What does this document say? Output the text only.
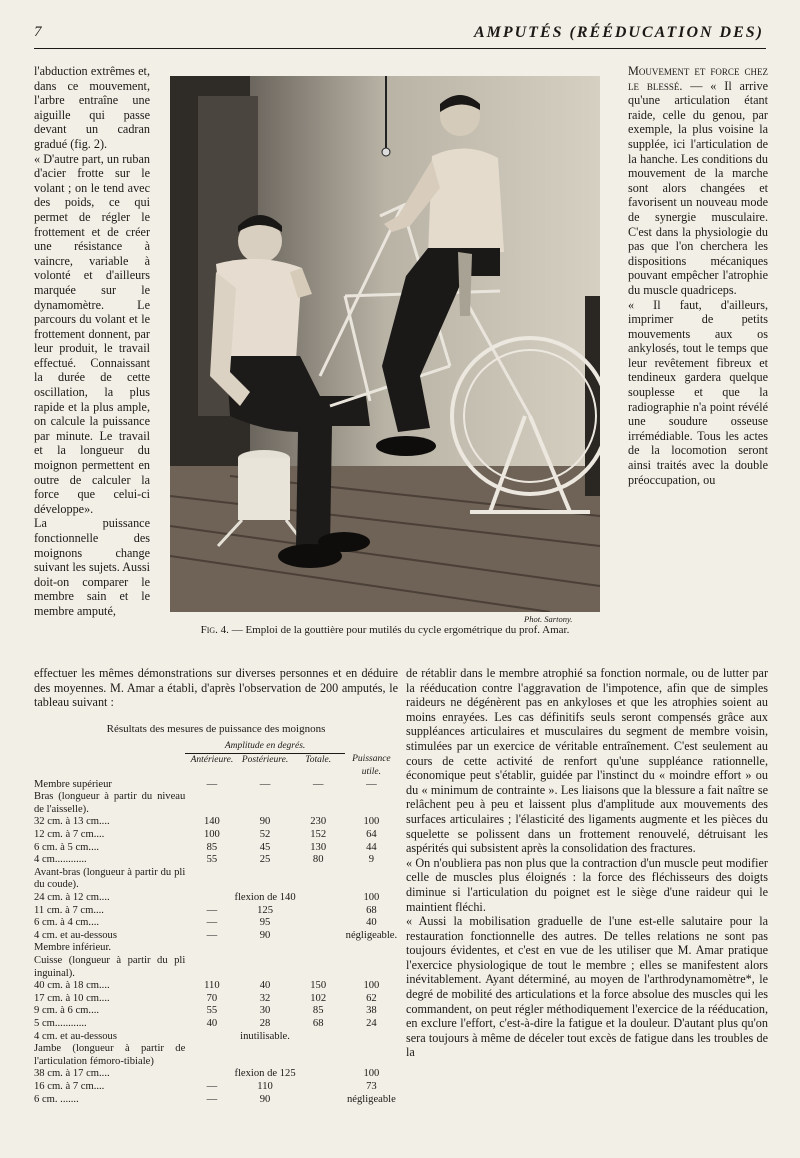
7	AMPUTÉS (RÉÉDUCATION DES)

l'abduction extrêmes et, dans ce mouvement, l'arbre entraîne une aiguille qui passe devant un cadran gradué (fig. 2).

« D'autre part, un ruban d'acier frotte sur le volant ; on le tend avec des poids, ce qui permet de régler le frottement et de créer une résistance à vaincre, variable à volonté et d'ailleurs marquée sur le dynamomètre. Le parcours du volant et le frottement donnent, par leur produit, le travail effectué. Connaissant la durée de cette oscillation, la plus rapide et la plus ample, on calcule la puissance par minute. Le travail et la longueur du moignon permettent en outre de calculer la force que celui-ci développe».

La puissance fonctionnelle des moignons change suivant les sujets. Aussi doit-on comparer le membre sain et le membre amputé,

Phot. Sartony.
Fig. 4. — Emploi de la gouttière pour mutilés du cycle ergométrique du prof. Amar.

Mouvement et force chez le blessé. — « Il arrive qu'une articulation étant raide, celle du genou, par exemple, la plus voisine la supplée, ici l'articulation de la hanche. Les conditions du mouvement de la marche sont alors changées et favorisent un nouveau mode de synergie musculaire. C'est dans la physiologie du pas que l'on cherchera les dispositions mécaniques pouvant empêcher l'atrophie du muscle quadriceps.

« Il faut, d'ailleurs, imprimer de petits mouvements aux os ankylosés, tout le temps que leur revêtement fibreux et tendineux gardera quelque souplesse et que la radiographie n'a point révélé une soudure osseuse irrémédiable. Tous les actes de la locomotion seront ainsi traités avec la double préoccupation, ou

effectuer les mêmes démonstrations sur diverses personnes et en déduire des moyennes. M. Amar a établi, d'après l'observation de 200 amputés, le tableau suivant :

Résultats des mesures de puissance des moignons
	Amplitude en degrés.			
	Antérieure.	Postérieure.	Totale.	Puissance utile.
Membre supérieur	—	—	—	—
Bras (longueur à partir du niveau de l'aisselle).				
32 cm. à 13 cm....	140	90	230	100
12 cm. à 7 cm....	100	52	152	64
6 cm. à 5 cm....	85	45	130	44
4 cm............	55	25	80	9
Avant-bras (longueur à partir du pli du coude).				
24 cm. à 12 cm....	flexion de 140			100
11 cm. à 7 cm....	—	125		68
6 cm. à 4 cm....	—	95		40
4 cm. et au-dessous	—	90		négligeable.
Membre inférieur.				
Cuisse (longueur à partir du pli inguinal).				
40 cm. à 18 cm....	110	40	150	100
17 cm. à 10 cm....	70	32	102	62
9 cm. à 6 cm....	55	30	85	38
5 cm............	40	28	68	24
4 cm. et au-dessous	inutilisable.			
Jambe (longueur à partir de l'articulation fémoro-tibiale)				
38 cm. à 17 cm....	flexion de 125			100
16 cm. à 7 cm....	—	110		73
6 cm. .......	—	90		négligeable

de rétablir dans le membre atrophié sa fonction normale, ou de lutter par la rééducation contre l'aggravation de l'impotence, afin que de simples raideurs ne dégénèrent pas en ankyloses et que les atrophies soient au moins enrayées. Les cas définitifs seuls seront compensés grâce aux suppléances articulaires et musculaires du segment de membre voisin, stimulées par un exercice de véritable entraînement. C'est seulement au cours de cette activité de renfort qu'une suppléance rationnelle, économique peut s'établir, guidée par l'instinct du « moindre effort » ou du « minimum de contrainte ». Les liaisons que la blessure a fait naître se relâchent peu à peu et laissent plus d'amplitude aux mouvements des surfaces articulaires ; l'élasticité des ligaments augmente et les pièces du squelette se polissent dans un frottement renouvelé, détruisant les aspérités qui subsistent après la consolidation des fractures.

« On n'oubliera pas non plus que la contraction d'un muscle peut modifier celle de muscles plus éloignés : la force des fléchisseurs des doigts diminue si l'articulation du poignet est le siège d'une raideur qui le maintient fléchi.

« Aussi la mobilisation graduelle de l'une est-elle salutaire pour la restauration fonctionnelle des autres. De telles relations ne sont pas toujours évidentes, et c'est en vue de les utiliser que M. Amar pratique l'exercice physiologique de tout le membre ; elles se manifestent alors inévitablement. Ayant déterminé, au moyen de l'arthrodynamomètre*, le degré de mobilité des articulations et la force absolue des muscles qui les commandent, on peut régler méthodiquement l'exercice de la rééducation, en exclure l'effort, c'est-à-dire la fatigue et la douleur. D'autant plus qu'on sera toujours à même de déceler tout excès de fatigue dans les troubles de la
